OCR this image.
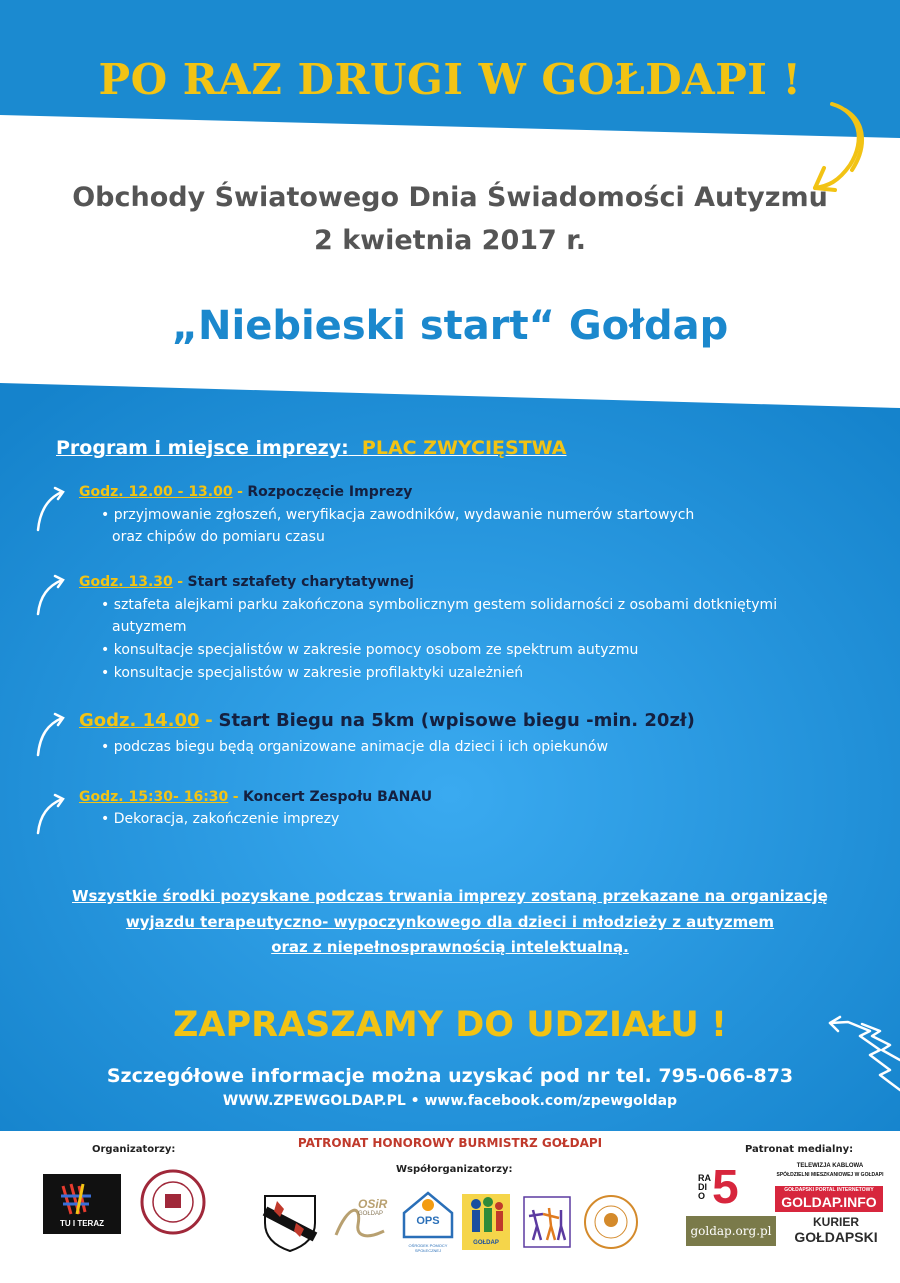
PO RAZ DRUGI W GOŁDAPI !
Obchody Światowego Dnia Świadomości Autyzmu
2 kwietnia 2017 r.
„Niebieski start“ Gołdap
Program i miejsce imprezy: PLAC ZWYCIĘSTWA
Godz. 12.00 - 13.00 - Rozpoczęcie Imprezy
• przyjmowanie zgłoszeń, weryfikacja zawodników, wydawanie numerów startowych
oraz chipów do pomiaru czasu
Godz. 13.30 - Start sztafety charytatywnej
• sztafeta alejkami parku zakończona symbolicznym gestem solidarności z osobami dotkniętymi
autyzmem
• konsultacje specjalistów w zakresie pomocy osobom ze spektrum autyzmu
• konsultacje specjalistów w zakresie profilaktyki uzależnień
Godz. 14.00 - Start Biegu na 5km (wpisowe biegu -min. 20zł)
• podczas biegu będą organizowane animacje dla dzieci i ich opiekunów
Godz. 15:30- 16:30 - Koncert Zespołu BANAU
• Dekoracja, zakończenie imprezy
Wszystkie środki pozyskane podczas trwania imprezy zostaną przekazane na organizację
wyjazdu terapeutyczno- wypoczynkowego dla dzieci i młodzieży z autyzmem
oraz z niepełnosprawnością intelektualną.
ZAPRASZAMY DO UDZIAŁU !
Szczegółowe informacje można uzyskać pod nr tel. 795-066-873
WWW.ZPEWGOLDAP.PL • www.facebook.com/zpewgoldap
Organizatorzy:	PATRONAT HONOROWY BURMISTRZ GOŁDAPI
Współorganizatorzy:
Patronat medialny:
TU I TERAZ
OSiR
GOŁDAP
OPS
OŚRODEK POMOCY SPOŁECZNEJ
GOŁDAP
RADIO 5	TELEWIZJA KABLOWA
SPÓŁDZIELNI MIESZKANIOWEJ W GOŁDAPI
GOŁDAPSKI PORTAL INTERNETOWY
GOLDAP.INFO
goldap.org.pl
KURIER
GOŁDAPSKI
